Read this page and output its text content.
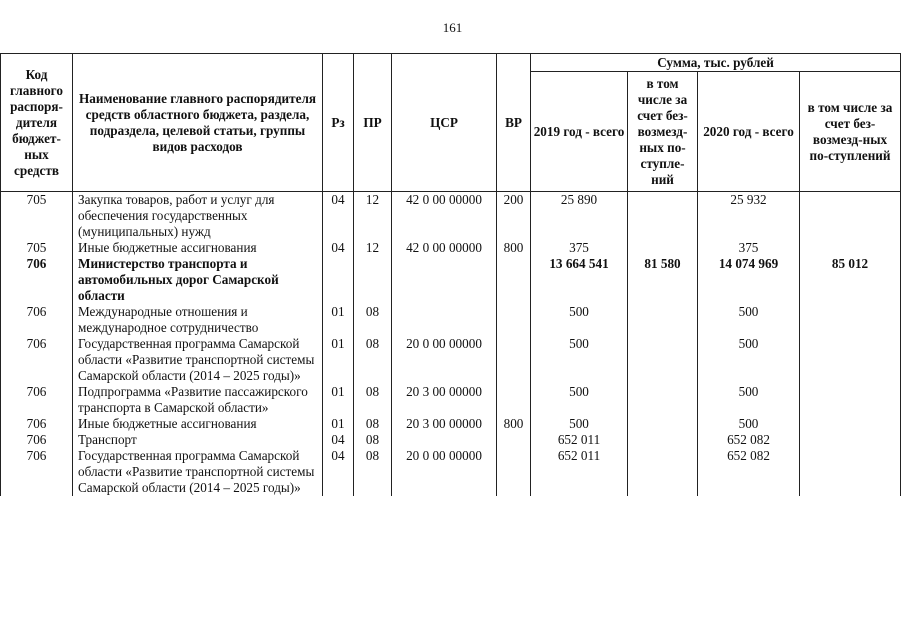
161
Код главного распоря-дителя бюджет-ных средств	Наименование главного распорядителя средств областного бюджета, раздела, подраздела, целевой статьи, группы видов расходов	Рз	ПР	ЦСР	ВР	Сумма, тыс. рублей			
						2019 год - всего	в том числе за счет без-возмезд-ных по-ступле-ний	2020 год - всего	в том числе за счет без-возмезд-ных по-ступлений
705	Закупка товаров, работ и услуг для обеспечения государственных (муниципальных) нужд	04	12	42 0 00 00000	200	25 890		25 932	
705	Иные бюджетные ассигнования	04	12	42 0 00 00000	800	375		375	
706	Министерство транспорта и автомобильных дорог Самарской области					13 664 541	81 580	14 074 969	85 012
706	Международные отношения и международное сотрудничество	01	08			500		500	
706	Государственная программа Самарской области «Развитие транспортной системы Самарской области (2014 – 2025 годы)»	01	08	20 0 00 00000		500		500	
706	Подпрограмма «Развитие пассажирского транспорта в Самарской области»	01	08	20 3 00 00000		500		500	
706	Иные бюджетные ассигнования	01	08	20 3 00 00000	800	500		500	
706	Транспорт	04	08			652 011		652 082	
706	Государственная программа Самарской области «Развитие транспортной системы Самарской области (2014 – 2025 годы)»	04	08	20 0 00 00000		652 011		652 082	
